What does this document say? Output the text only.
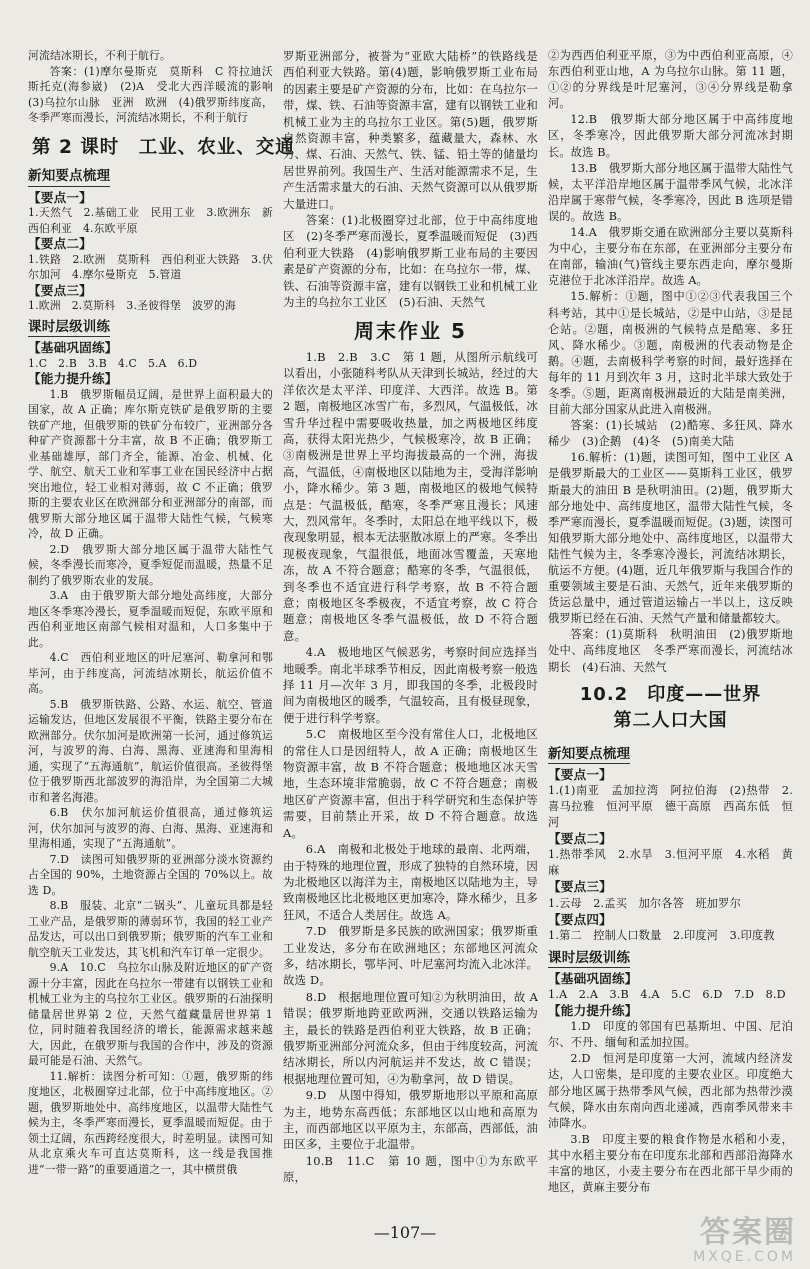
河流结冰期长，不利于航行。

答案：(1)摩尔曼斯克　莫斯科　C 符拉迪沃斯托克(海参崴)　(2)A　受北大西洋暖流的影响　(3)乌拉尔山脉　亚洲　欧洲　(4)俄罗斯纬度高，冬季严寒而漫长，河流结冰期长，不利于航行

第 2 课时　工业、农业、交通
新知要点梳理

【要点一】

1.天然气　2.基础工业　民用工业　3.欧洲东　新西伯利亚　4.东欧平原

【要点二】

1.铁路　2.欧洲　莫斯科　西伯利亚大铁路　3.伏尔加河　4.摩尔曼斯克　5.管道

【要点三】

1.欧洲　2.莫斯科　3.圣彼得堡　波罗的海

课时层级训练

【基础巩固练】

1.C　2.B　3.B　4.C　5.A　6.D

【能力提升练】

1.B　俄罗斯幅员辽阔，是世界上面积最大的国家，故 A 正确；库尔斯克铁矿是俄罗斯的主要铁矿产地，但俄罗斯的铁矿分布较广，亚洲部分各种矿产资源都十分丰富，故 B 不正确；俄罗斯工业基础雄厚，部门齐全，能源、冶金、机械、化学、航空、航天工业和军事工业在国民经济中占据突出地位，轻工业相对薄弱，故 C 不正确；俄罗斯的主要农业区在欧洲部分和亚洲部分的南部，而俄罗斯大部分地区属于温带大陆性气候，气候寒冷，故 D 正确。

2.D　俄罗斯大部分地区属于温带大陆性气候，冬季漫长而寒冷，夏季短促而温暖，热量不足制约了俄罗斯农业的发展。

3.A　由于俄罗斯大部分地处高纬度，大部分地区冬季寒冷漫长，夏季温暖而短促，东欧平原和西伯利亚地区南部气候相对温和，人口多集中于此。

4.C　西伯利亚地区的叶尼塞河、勒拿河和鄂毕河，由于纬度高，河流结冰期长，航运价值不高。

5.B　俄罗斯铁路、公路、水运、航空、管道运输发达，但地区发展很不平衡，铁路主要分布在欧洲部分。伏尔加河是欧洲第一长河，通过修筑运河，与波罗的海、白海、黑海、亚速海和里海相通，实现了“五海通航”，航运价值很高。圣彼得堡位于俄罗斯西北部波罗的海沿岸，为全国第二大城市和著名海港。

6.B　伏尔加河航运价值很高，通过修筑运河，伏尔加河与波罗的海、白海、黑海、亚速海和里海相通，实现了“五海通航”。

7.D　读图可知俄罗斯的亚洲部分淡水资源约占全国的 90%，土地资源占全国的 70%以上。故选 D。

8.B　服装、北京“二锅头”、儿童玩具都是轻工业产品，是俄罗斯的薄弱环节，我国的轻工业产品发达，可以出口到俄罗斯；俄罗斯的汽车工业和航空航天工业发达，其飞机和汽车订单一定很少。

9.A　10.C　乌拉尔山脉及附近地区的矿产资源十分丰富，因此在乌拉尔一带建有以钢铁工业和机械工业为主的乌拉尔工业区。俄罗斯的石油探明储量居世界第 2 位，天然气蕴藏量居世界第 1 位，同时随着我国经济的增长，能源需求越来越大，因此，在俄罗斯与我国的合作中，涉及的资源最可能是石油、天然气。

11.解析：读图分析可知：①题，俄罗斯的纬度地区，北极圈穿过北部，位于中高纬度地区。②题，俄罗斯地处中、高纬度地区，以温带大陆性气候为主，冬季严寒而漫长，夏季温暖而短促。由于领土辽阔，东西跨经度很大，时差明显。读图可知从北京乘火车可直达莫斯科，这一线是我国推进“一带一路”的重要通道之一，其中横贯俄

罗斯亚洲部分，被誉为“亚欧大陆桥”的铁路线是西伯利亚大铁路。第(4)题，影响俄罗斯工业布局的因素主要是矿产资源的分布，比如：在乌拉尔一带，煤、铁、石油等资源丰富，建有以钢铁工业和机械工业为主的乌拉尔工业区。第(5)题，俄罗斯自然资源丰富，种类繁多，蕴藏量大，森林、水力、煤、石油、天然气、铁、锰、铅土等的储量均居世界前列。我国生产、生活对能源需求不足，生产生活需求量大的石油、天然气资源可以从俄罗斯大量进口。

答案：(1)北极圈穿过北部，位于中高纬度地区　(2)冬季严寒而漫长，夏季温暖而短促　(3)西伯利亚大铁路　(4)影响俄罗斯工业布局的主要因素是矿产资源的分布，比如：在乌拉尔一带，煤、铁、石油等资源丰富，建有以钢铁工业和机械工业为主的乌拉尔工业区　(5)石油、天然气

周末作业 5

1.B　2.B　3.C　第 1 题，从图所示航线可以看出，小张随科考队从天津到长城站，经过的大洋依次是太平洋、印度洋、大西洋。故选 B。第 2 题，南极地区冰雪广布，多烈风，气温极低，冰雪升华过程中需要吸收热量，加之两极地区纬度高，获得太阳光热少，气候极寒冷，故 B 正确；③南极洲是世界上平均海拔最高的一个洲，海拔高，气温低，④南极地区以陆地为主，受海洋影响小，降水稀少。第 3 题，南极地区的极地气候特点是：气温极低，酷寒，冬季严寒且漫长；风速大，烈风常年。冬季时，太阳总在地平线以下，极夜现象明显，根本无法驱散冰原上的严寒。冬季出现极夜现象，气温很低，地面冰雪覆盖，天寒地冻，故 A 不符合题意；酷寒的冬季，气温很低，到冬季也不适宜进行科学考察，故 B 不符合题意；南极地区冬季极夜，不适宜考察，故 C 符合题意；南极地区冬季气温极低，故 D 不符合题意。

4.A　极地地区气候恶劣，考察时间应选择当地暖季。南北半球季节相反，因此南极考察一般选择 11 月—次年 3 月，即我国的冬季，北极段时间为南极地区的暖季，气温较高，且有极昼现象，便于进行科学考察。

5.C　南极地区至今没有常住人口，北极地区的常住人口是因纽特人，故 A 正确；南极地区生物资源丰富，故 B 不符合题意；极地地区冰天雪地，生态环境非常脆弱，故 C 不符合题意；南极地区矿产资源丰富，但出于科学研究和生态保护等需要，目前禁止开采，故 D 不符合题意。故选 A。

6.A　南极和北极处于地球的最南、北两端，由于特殊的地理位置，形成了独特的自然环境，因为北极地区以海洋为主，南极地区以陆地为主，导致南极地区比北极地区更加寒冷，降水稀少，且多狂风，不适合人类居住。故选 A。

7.D　俄罗斯是多民族的欧洲国家；俄罗斯重工业发达，多分布在欧洲地区；东部地区河流众多，结冰期长，鄂毕河、叶尼塞河均流入北冰洋。故选 D。

8.D　根据地理位置可知②为秋明油田，故 A 错误；俄罗斯地跨亚欧两洲，交通以铁路运输为主，最长的铁路是西伯利亚大铁路，故 B 正确；俄罗斯亚洲部分河流众多，但由于纬度较高，河流结冰期长，所以内河航运并不发达，故 C 错误；根据地理位置可知，④为勒拿河，故 D 错误。

9.D　从图中得知，俄罗斯地形以平原和高原为主，地势东高西低；东部地区以山地和高原为主，而西部地区以平原为主，东部高，西部低，油田区多，主要位于北温带。

10.B　11.C　第 10 题，图中①为东欧平原，

②为西西伯利亚平原，③为中西伯利亚高原，④东西伯利亚山地，A 为乌拉尔山脉。第 11 题，①②的分界线是叶尼塞河，③④分界线是勒拿河。

12.B　俄罗斯大部分地区属于中高纬度地区，冬季寒冷，因此俄罗斯大部分河流冰封期长。故选 B。

13.B　俄罗斯大部分地区属于温带大陆性气候，太平洋沿岸地区属于温带季风气候，北冰洋沿岸属于寒带气候，冬季寒冷，因此 B 选项是错误的。故选 B。

14.A　俄罗斯交通在欧洲部分主要以莫斯科为中心，主要分布在东部，在亚洲部分主要分布在南部，输油(气)管线主要东西走向，摩尔曼斯克港位于北冰洋沿岸。故选 A。

15.解析：①题，图中①②③代表我国三个科考站，其中①是长城站，②是中山站，③是昆仑站。②题，南极洲的气候特点是酷寒、多狂风、降水稀少。③题，南极洲的代表动物是企鹅。④题，去南极科学考察的时间，最好选择在每年的 11 月到次年 3 月，这时北半球大致处于冬季。⑤题，距离南极洲最近的大陆是南美洲，目前大部分国家从此进入南极洲。

答案：(1)长城站　(2)酷寒、多狂风、降水稀少　(3)企鹅　(4)冬　(5)南美大陆

16.解析：(1)题，读图可知，图中工业区 A 是俄罗斯最大的工业区——莫斯科工业区，俄罗斯最大的油田 B 是秋明油田。(2)题，俄罗斯大部分地处中、高纬度地区，温带大陆性气候，冬季严寒而漫长，夏季温暖而短促。(3)题，读图可知俄罗斯大部分地处中、高纬度地区，以温带大陆性气候为主，冬季寒冷漫长，河流结冰期长，航运不方便。(4)题，近几年俄罗斯与我国合作的重要领域主要是石油、天然气，近年来俄罗斯的货运总量中，通过管道运输占一半以上，这反映俄罗斯已经在石油、天然气产量和储量都较大。

答案：(1)莫斯科　秋明油田　(2)俄罗斯地处中、高纬度地区　冬季严寒而漫长，河流结冰期长　(4)石油、天然气

10.2　印度——世界
第二人口大国
新知要点梳理

【要点一】

1.(1)南亚　孟加拉湾　阿拉伯海　(2)热带　2.喜马拉雅　恒河平原　德干高原　西高东低　恒河

【要点二】

1.热带季风　2.水旱　3.恒河平原　4.水稻　黄麻

【要点三】

1.云母　2.孟买　加尔各答　班加罗尔

【要点四】

1.第二　控制人口数量　2.印度河　3.印度教

课时层级训练

【基础巩固练】

1.A　2.A　3.B　4.A　5.C　6.D　7.D　8.D

【能力提升练】

1.D　印度的邻国有巴基斯坦、中国、尼泊尔、不丹、缅甸和孟加拉国。

2.D　恒河是印度第一大河，流域内经济发达，人口密集，是印度的主要农业区。印度绝大部分地区属于热带季风气候，西北部为热带沙漠气候，降水由东南向西北递减，西南季风带来丰沛降水。

3.B　印度主要的粮食作物是水稻和小麦，其中水稻主要分布在印度东北部和西部沿海降水丰富的地区，小麦主要分布在西北部干旱少雨的地区，黄麻主要分布

—107—	答案圈
MXQE.COM
